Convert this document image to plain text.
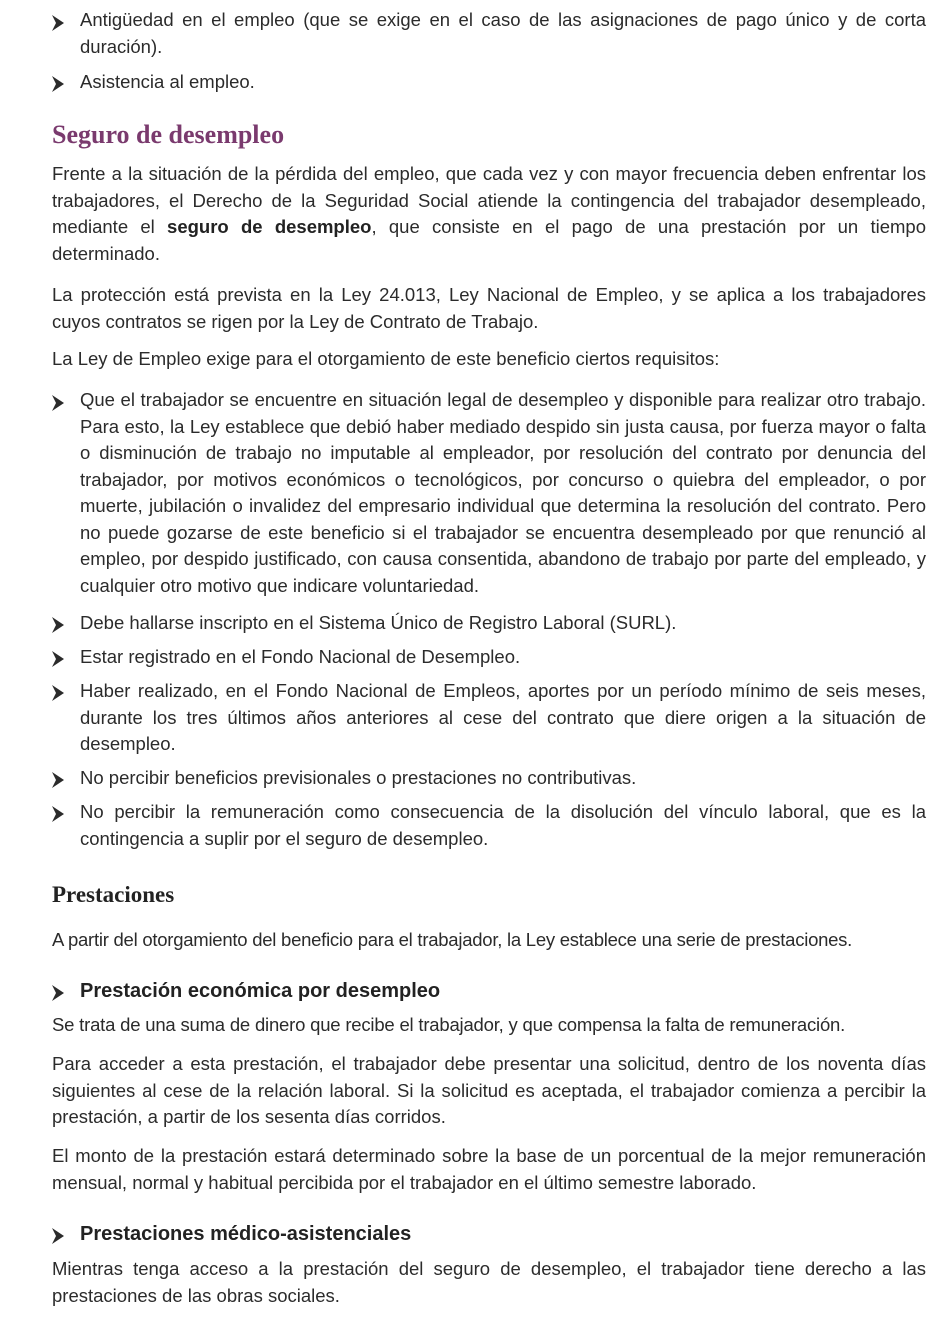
Antigüedad en el empleo (que se exige en el caso de las asignaciones de pago único y de corta duración).

Asistencia al empleo.

Seguro de desempleo

Frente a la situación de la pérdida del empleo, que cada vez y con mayor frecuencia deben enfrentar los trabajadores, el Derecho de la Seguridad Social atiende la contingencia del trabajador desempleado, mediante el seguro de desempleo, que consiste en el pago de una prestación por un tiempo determinado.

La protección está prevista en la Ley 24.013, Ley Nacional de Empleo, y se aplica a los trabajadores cuyos contratos se rigen por la Ley de Contrato de Trabajo.

La Ley de Empleo exige para el otorgamiento de este beneficio ciertos requisitos:

Que el trabajador se encuentre en situación legal de desempleo y disponible para realizar otro trabajo. Para esto, la Ley establece que debió haber mediado despido sin justa causa, por fuerza mayor o falta o disminución de trabajo no imputable al empleador, por resolución del contrato por denuncia del trabajador, por motivos económicos o tecnológicos, por concurso o quiebra del empleador, o por muerte, jubilación o invalidez del empresario individual que determina la resolución del contrato. Pero no puede gozarse de este beneficio si el trabajador se encuentra desempleado por que renunció al empleo, por despido justificado, con causa consentida, abandono de trabajo por parte del empleado, y cualquier otro motivo que indicare voluntariedad.

Debe hallarse inscripto en el Sistema Único de Registro Laboral (SURL).

Estar registrado en el Fondo Nacional de Desempleo.

Haber realizado, en el Fondo Nacional de Empleos, aportes por un período mínimo de seis meses, durante los tres últimos años anteriores al cese del contrato que diere origen a la situación de desempleo.

No percibir beneficios previsionales o prestaciones no contributivas.

No percibir la remuneración como consecuencia de la disolución del vínculo laboral, que es la contingencia a suplir por el seguro de desempleo.

Prestaciones

A partir del otorgamiento del beneficio para el trabajador, la Ley establece una serie de prestaciones.

Prestación económica por desempleo

Se trata de una suma de dinero que recibe el trabajador, y que compensa la falta de remuneración.

Para acceder a esta prestación, el trabajador debe presentar una solicitud, dentro de los noventa días siguientes al cese de la relación laboral. Si la solicitud es aceptada, el trabajador comienza a percibir la prestación, a partir de los sesenta días corridos.

El monto de la prestación estará determinado sobre la base de un porcentual de la mejor remuneración mensual, normal y habitual percibida por el trabajador en el último semestre laborado.

Prestaciones médico-asistenciales

Mientras tenga acceso a la prestación del seguro de desempleo, el trabajador tiene derecho a las prestaciones de las obras sociales.
